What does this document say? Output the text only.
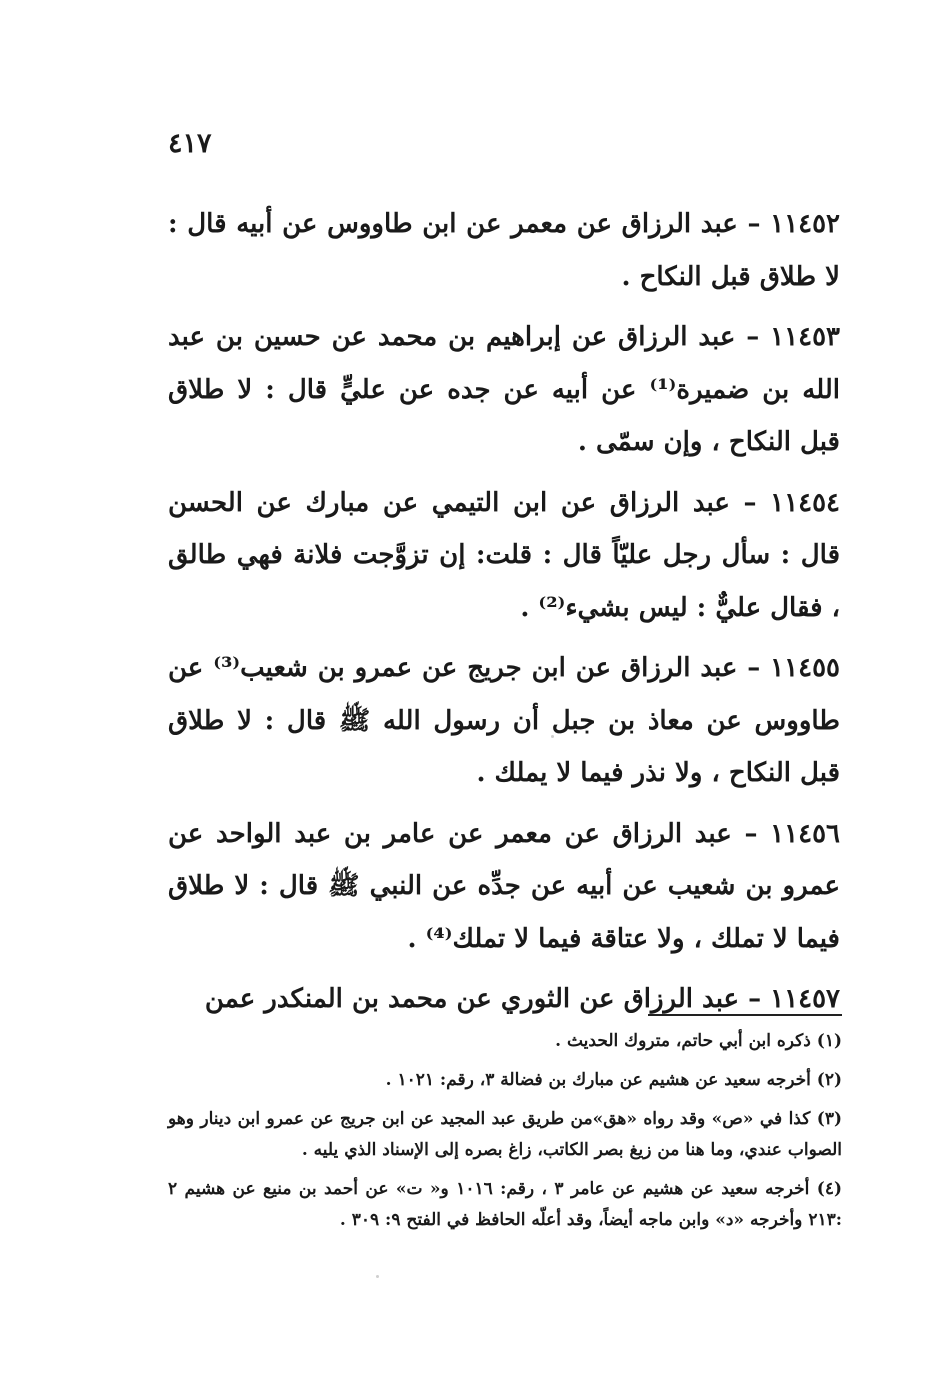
٤١٧

١١٤٥٢ – عبد الرزاق عن معمر عن ابن طاووس عن أبيه قال : لا طلاق قبل النكاح .

١١٤٥٣ – عبد الرزاق عن إبراهيم بن محمد عن حسين بن عبد الله بن ضميرة⁽¹⁾ عن أبيه عن جده عن عليٍّ قال : لا طلاق قبل النكاح ، وإن سمّى .

١١٤٥٤ – عبد الرزاق عن ابن التيمي عن مبارك عن الحسن قال : سأل رجل عليّاً قال : قلت: إن تزوَّجت فلانة فهي طالق ، فقال عليٌّ : ليس بشيء⁽²⁾ .

١١٤٥٥ – عبد الرزاق عن ابن جريج عن عمرو بن شعيب⁽³⁾ عن طاووس عن معاذ بن جبل أن رسول الله ﷺ قال : لا طلاق قبل النكاح ، ولا نذر فيما لا يملك .

١١٤٥٦ – عبد الرزاق عن معمر عن عامر بن عبد الواحد عن عمرو بن شعيب عن أبيه عن جدِّه عن النبي ﷺ قال : لا طلاق فيما لا تملك ، ولا عتاقة فيما لا تملك⁽⁴⁾ .

١١٤٥٧ – عبد الرزاق عن الثوري عن محمد بن المنكدر عمن

(١) ذكره ابن أبي حاتم، متروك الحديث .

(٢) أخرجه سعيد عن هشيم عن مبارك بن فضالة ٣، رقم: ١٠٢١ .

(٣) كذا في «ص» وقد رواه «هق»من طريق عبد المجيد عن ابن جريج عن عمرو ابن دينار وهو الصواب عندي، وما هنا من زيغ بصر الكاتب، زاغ بصره إلى الإسناد الذي يليه .

(٤) أخرجه سعيد عن هشيم عن عامر ٣ ، رقم: ١٠١٦ و« ت» عن أحمد بن منيع عن هشيم ٢ :٢١٣ وأخرجه «د» وابن ماجه أيضاً، وقد أعلّه الحافظ في الفتح ٩: ٣٠٩ .
